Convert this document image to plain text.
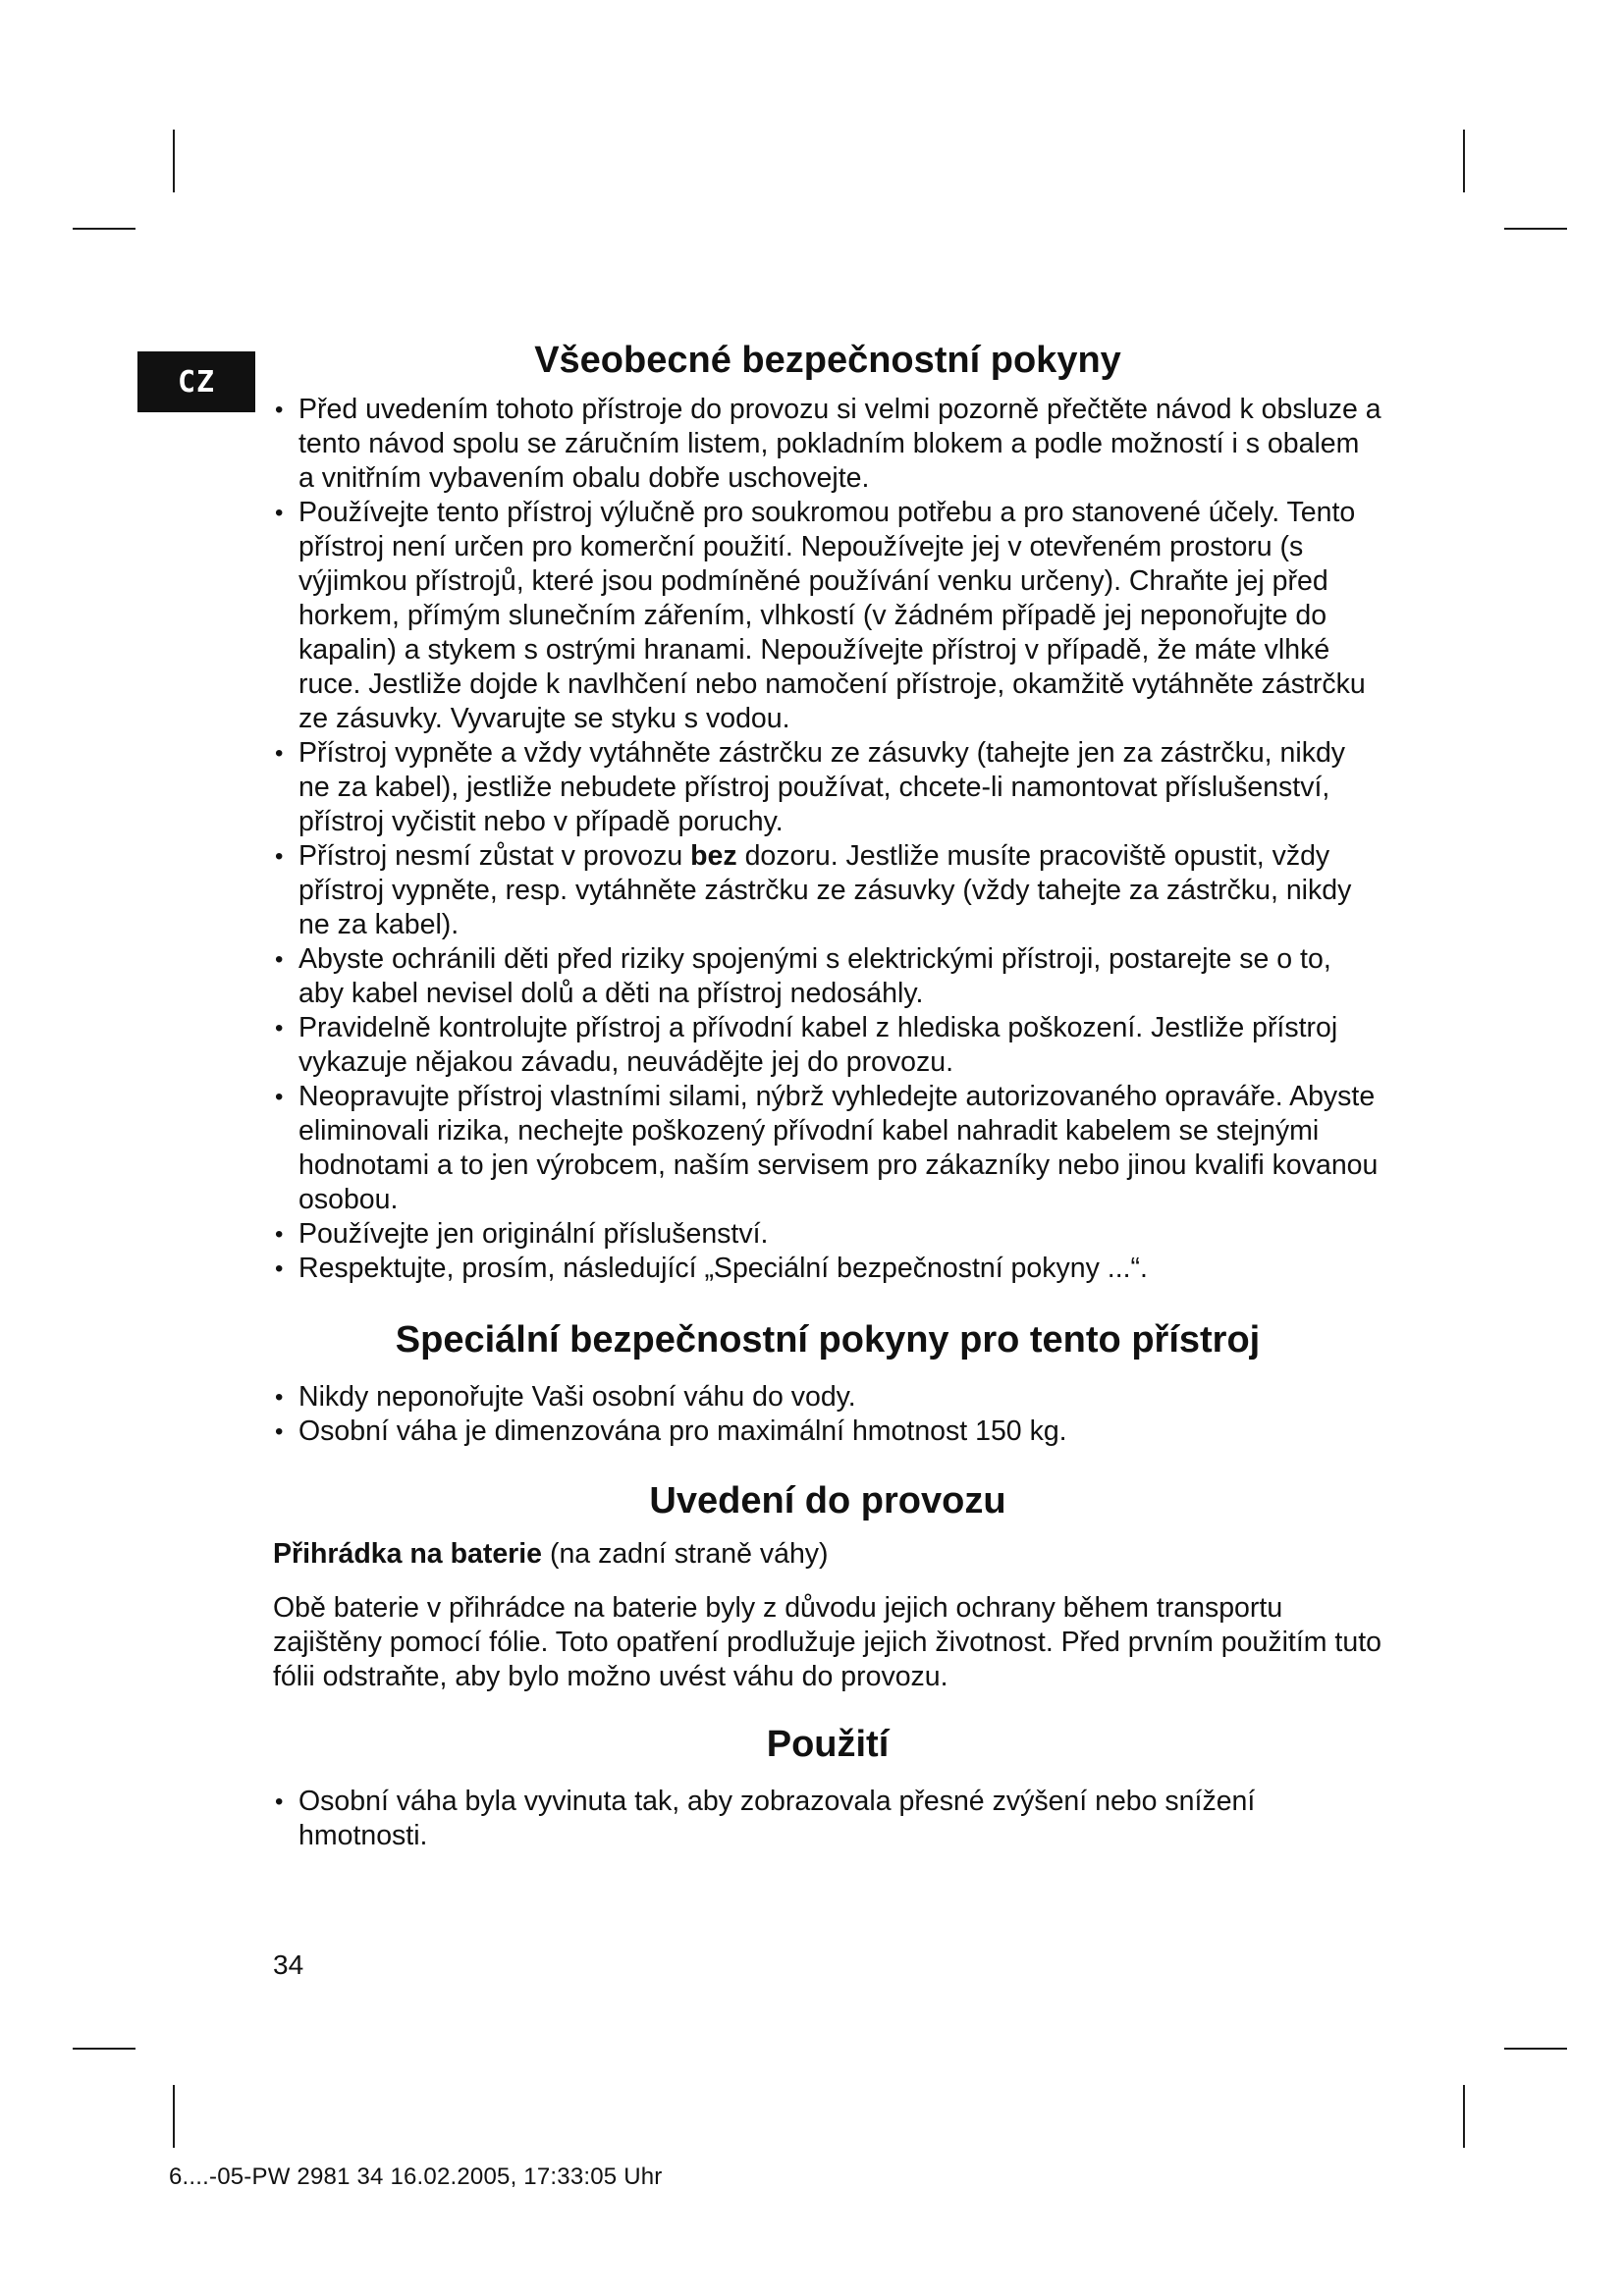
CZ
Všeobecné bezpečnostní pokyny
• Před uvedením tohoto přístroje do provozu si velmi pozorně přečtěte návod k obsluze a tento návod spolu se záručním listem, pokladním blokem a podle možností i s obalem a vnitřním vybavením obalu dobře uschovejte.
• Používejte tento přístroj výlučně pro soukromou potřebu a pro stanovené účely. Tento přístroj není určen pro komerční použití. Nepoužívejte jej v otevřeném prostoru (s výjimkou přístrojů, které jsou podmíněné používání venku určeny). Chraňte jej před horkem, přímým slunečním zářením, vlhkostí (v žádném případě jej neponořujte do kapalin) a stykem s ostrými hranami. Nepoužívejte přístroj v případě, že máte vlhké ruce. Jestliže dojde k navlhčení nebo namočení přístroje, okamžitě vytáhněte zástrčku ze zásuvky. Vyvarujte se styku s vodou.
• Přístroj vypněte a vždy vytáhněte zástrčku ze zásuvky (tahejte jen za zástrčku, nikdy ne za kabel), jestliže nebudete přístroj používat, chcete-li namontovat příslušenství, přístroj vyčistit nebo v případě poruchy.
• Přístroj nesmí zůstat v provozu bez dozoru. Jestliže musíte pracoviště opustit, vždy přístroj vypněte, resp. vytáhněte zástrčku ze zásuvky (vždy tahejte za zástrčku, nikdy ne za kabel).
• Abyste ochránili děti před riziky spojenými s elektrickými přístroji, postarejte se o to, aby kabel nevisel dolů a děti na přístroj nedosáhly.
• Pravidelně kontrolujte přístroj a přívodní kabel z hlediska poškození. Jestliže přístroj vykazuje nějakou závadu, neuvádějte jej do provozu.
• Neopravujte přístroj vlastními silami, nýbrž vyhledejte autorizovaného opraváře. Abyste eliminovali rizika, nechejte poškozený přívodní kabel nahradit kabelem se stejnými hodnotami a to jen výrobcem, naším servisem pro zákazníky nebo jinou kvalifi kovanou osobou.
• Používejte jen originální příslušenství.
• Respektujte, prosím, následující „Speciální bezpečnostní pokyny ...“.
Speciální bezpečnostní pokyny pro tento přístroj
• Nikdy neponořujte Vaši osobní váhu do vody.
• Osobní váha je dimenzována pro maximální hmotnost 150 kg.
Uvedení do provozu

Přihrádka na baterie (na zadní straně váhy)

Obě baterie v přihrádce na baterie byly z důvodu jejich ochrany během transportu zajištěny pomocí fólie. Toto opatření prodlužuje jejich životnost. Před prvním použitím tuto fólii odstraňte, aby bylo možno uvést váhu do provozu.

Použití
• Osobní váha byla vyvinuta tak, aby zobrazovala přesné zvýšení nebo snížení hmotnosti.
34
6....-05-PW 2981 34 16.02.2005, 17:33:05 Uhr
